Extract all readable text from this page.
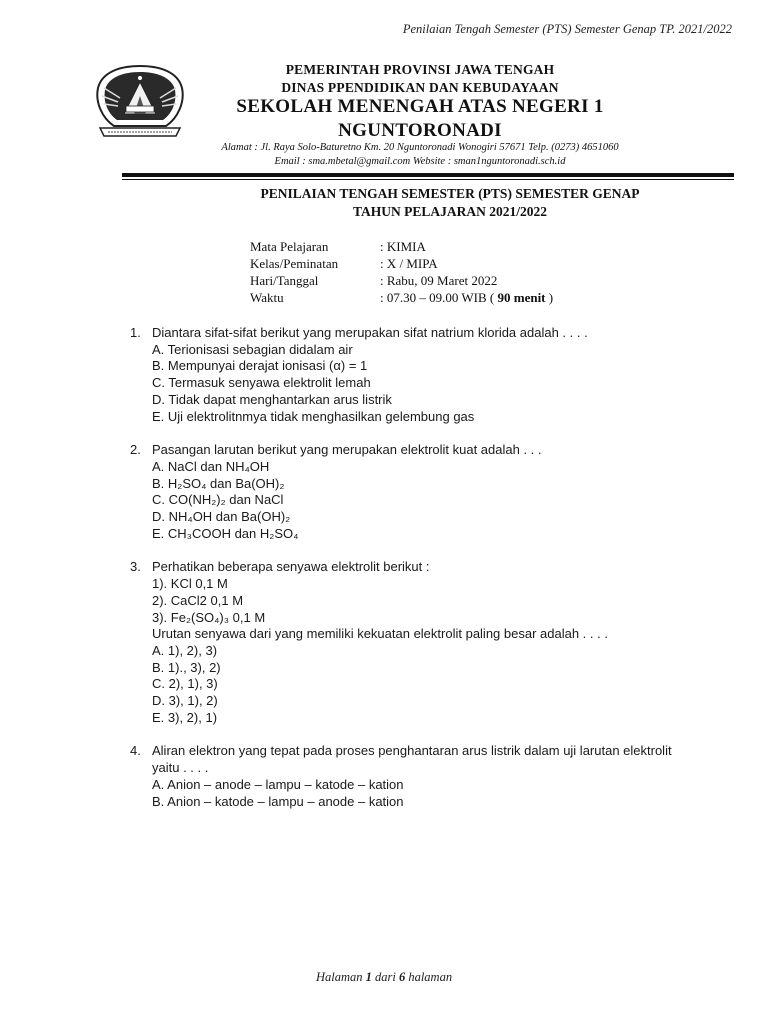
Penilaian Tengah Semester (PTS) Semester Genap TP. 2021/2022
PEMERINTAH PROVINSI JAWA TENGAH
DINAS PPENDIDIKAN DAN KEBUDAYAAN
SEKOLAH MENENGAH ATAS NEGERI 1
NGUNTORONADI
Alamat : Jl. Raya Solo-Baturetno Km. 20 Nguntoronadi Wonogiri 57671 Telp. (0273) 4651060
Email : sma.mbetal@gmail.com Website : sman1nguntoronadi.sch.id
PENILAIAN TENGAH SEMESTER (PTS) SEMESTER GENAP
TAHUN PELAJARAN 2021/2022
Mata Pelajaran	: KIMIA
Kelas/Peminatan	: X / MIPA
Hari/Tanggal	: Rabu, 09 Maret 2022
Waktu	: 07.30 – 09.00 WIB ( 90 menit )
1. Diantara sifat-sifat berikut yang merupakan sifat natrium klorida adalah . . . .
A. Terionisasi sebagian didalam air
B. Mempunyai derajat ionisasi (α) = 1
C. Termasuk senyawa elektrolit lemah
D. Tidak dapat menghantarkan arus listrik
E. Uji elektrolitnmya tidak menghasilkan gelembung gas
2. Pasangan larutan berikut yang merupakan elektrolit kuat adalah . . .
A. NaCl dan NH₄OH
B. H₂SO₄ dan Ba(OH)₂
C. CO(NH₂)₂ dan NaCl
D. NH₄OH dan Ba(OH)₂
E. CH₃COOH dan H₂SO₄
3. Perhatikan beberapa senyawa elektrolit berikut :
1). KCl 0,1 M
2). CaCl2 0,1 M
3). Fe₂(SO₄)₃ 0,1 M
Urutan senyawa dari yang memiliki kekuatan elektrolit paling besar adalah . . . .
A. 1), 2), 3)
B. 1)., 3), 2)
C. 2), 1), 3)
D. 3), 1), 2)
E. 3), 2), 1)
4. Aliran elektron yang tepat pada proses penghantaran arus listrik dalam uji larutan elektrolit
yaitu . . . .
A. Anion – anode – lampu – katode – kation
B. Anion – katode – lampu – anode – kation
Halaman 1 dari 6 halaman
